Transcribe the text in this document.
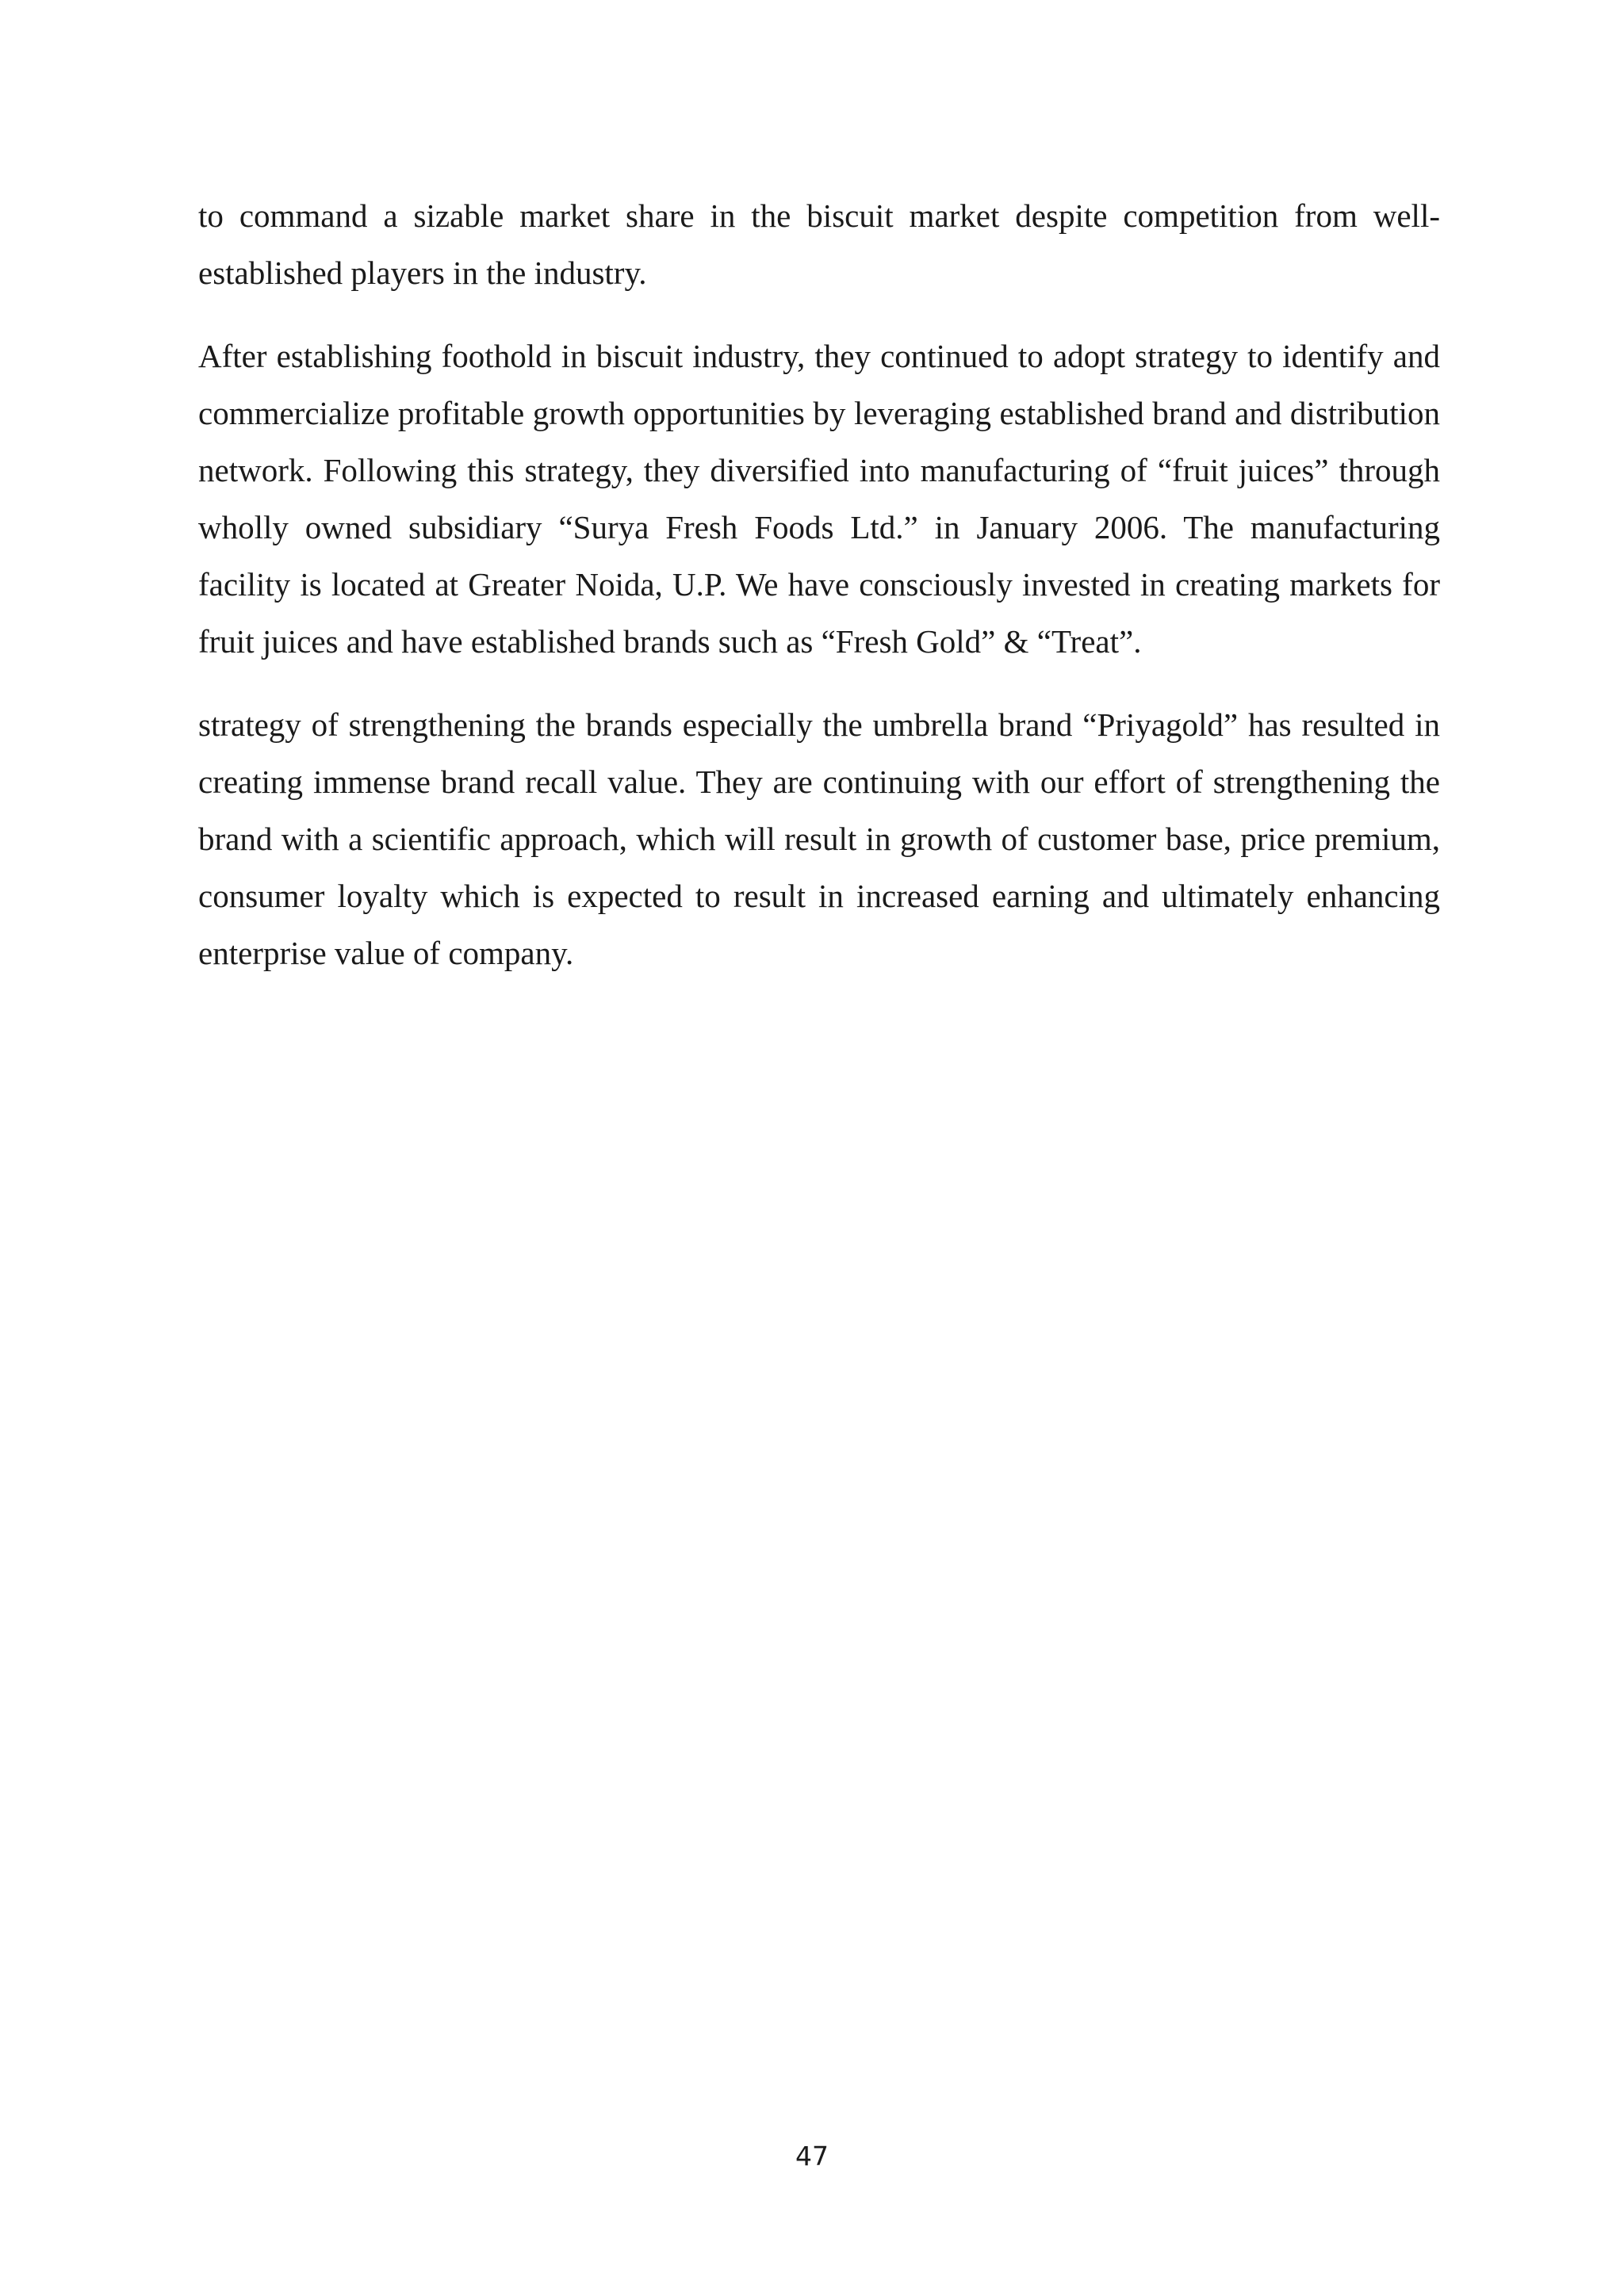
to command a sizable market share in the biscuit market despite competition from well-established players in the industry.

After establishing foothold in biscuit industry, they continued to adopt strategy to identify and commercialize profitable growth opportunities by leveraging established brand and distribution network. Following this strategy, they diversified into manufacturing of “fruit juices” through wholly owned subsidiary “Surya Fresh Foods Ltd.” in January 2006. The manufacturing facility is located at Greater Noida, U.P. We have consciously invested in creating markets for fruit juices and have established brands such as “Fresh Gold” & “Treat”.

strategy of strengthening the brands especially the umbrella brand “Priyagold” has resulted in creating immense brand recall value. They are continuing with our effort of strengthening the brand with a scientific approach, which will result in growth of customer base, price premium, consumer loyalty which is expected to result in increased earning and ultimately enhancing enterprise value of company.

47
